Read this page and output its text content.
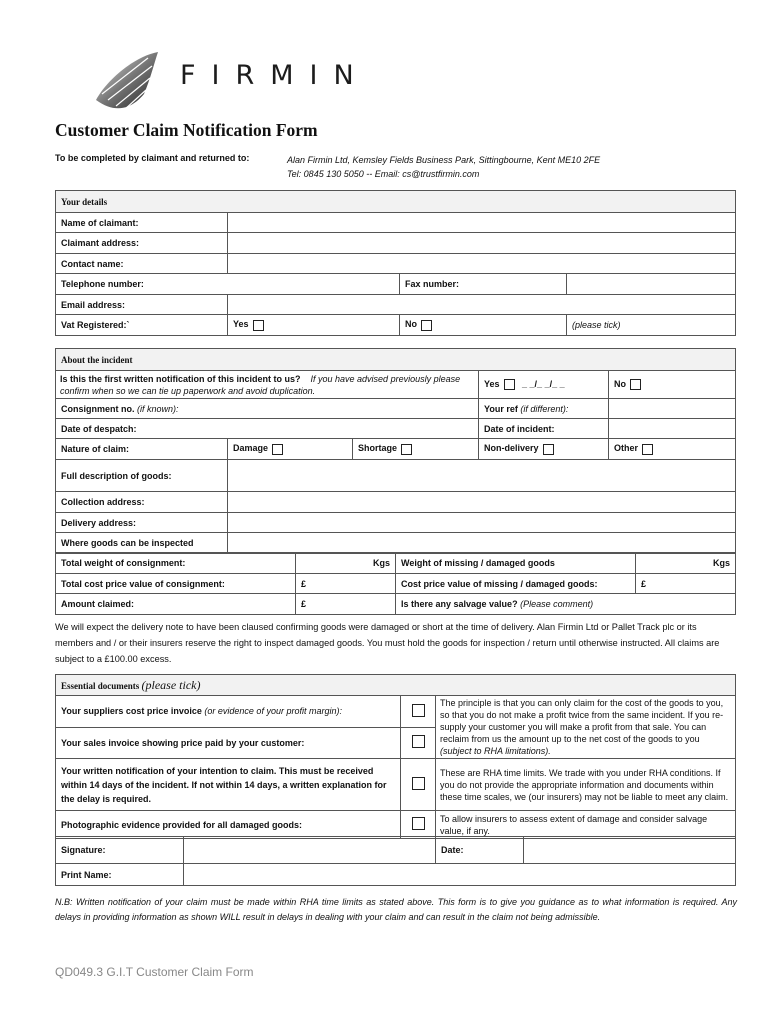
FIRMIN
Customer Claim Notification Form
To be completed by claimant and returned to:	Alan Firmin Ltd, Kemsley Fields Business Park, Sittingbourne, Kent ME10 2FE
Tel: 0845 130 5050 -- Email: cs@trustfirmin.com
Your details			
Name of claimant:			
Claimant address:			
Contact name:			
Telephone number:		Fax number:	
Email address:			
Vat Registered:`	Yes	No	(please tick)
About the incident				
Is this the first written notification of this incident to us? If you have advised previously please confirm when so we can tie up paperwork and avoid duplication.			Yes _ _/_ _/_ _	No
Consignment no. (if known):			Your ref (if different):	
Date of despatch:			Date of incident:	
Nature of claim:	Damage	Shortage	Non-delivery	Other
Full description of goods:				
Collection address:				
Delivery address:				
Where goods can be inspected				
Total weight of consignment:	Kgs	Weight of missing / damaged goods	Kgs
Total cost price value of consignment:	£	Cost price value of missing / damaged goods:	£
Amount claimed:	£	Is there any salvage value? (Please comment)	
We will expect the delivery note to have been claused confirming goods were damaged or short at the time of delivery. Alan Firmin Ltd or Pallet Track plc or its members and / or their insurers reserve the right to inspect damaged goods. You must hold the goods for inspection / return until otherwise instructed. All claims are subject to a £100.00 excess.
Essential documents (please tick)		
Your suppliers cost price invoice (or evidence of your profit margin):		The principle is that you can only claim for the cost of the goods to you, so that you do not make a profit twice from the same incident. If you re-supply your customer you will make a profit from that sale. You can reclaim from us the amount up to the net cost of the goods to you (subject to RHA limitations).
Your sales invoice showing price paid by your customer:		
Your written notification of your intention to claim. This must be received within 14 days of the incident. If not within 14 days, a written explanation for the delay is required.		These are RHA time limits. We trade with you under RHA conditions. If you do not provide the appropriate information and documents within these time scales, we (our insurers) may not be liable to meet any claim.
Photographic evidence provided for all damaged goods:		To allow insurers to assess extent of damage and consider salvage value, if any.
Signature:		Date:	
Print Name:			
N.B: Written notification of your claim must be made within RHA time limits as stated above. This form is to give you guidance as to what information is required. Any delays in providing information as shown WILL result in delays in dealing with your claim and can result in the claim not being admissible.
QD049.3 G.I.T Customer Claim Form
